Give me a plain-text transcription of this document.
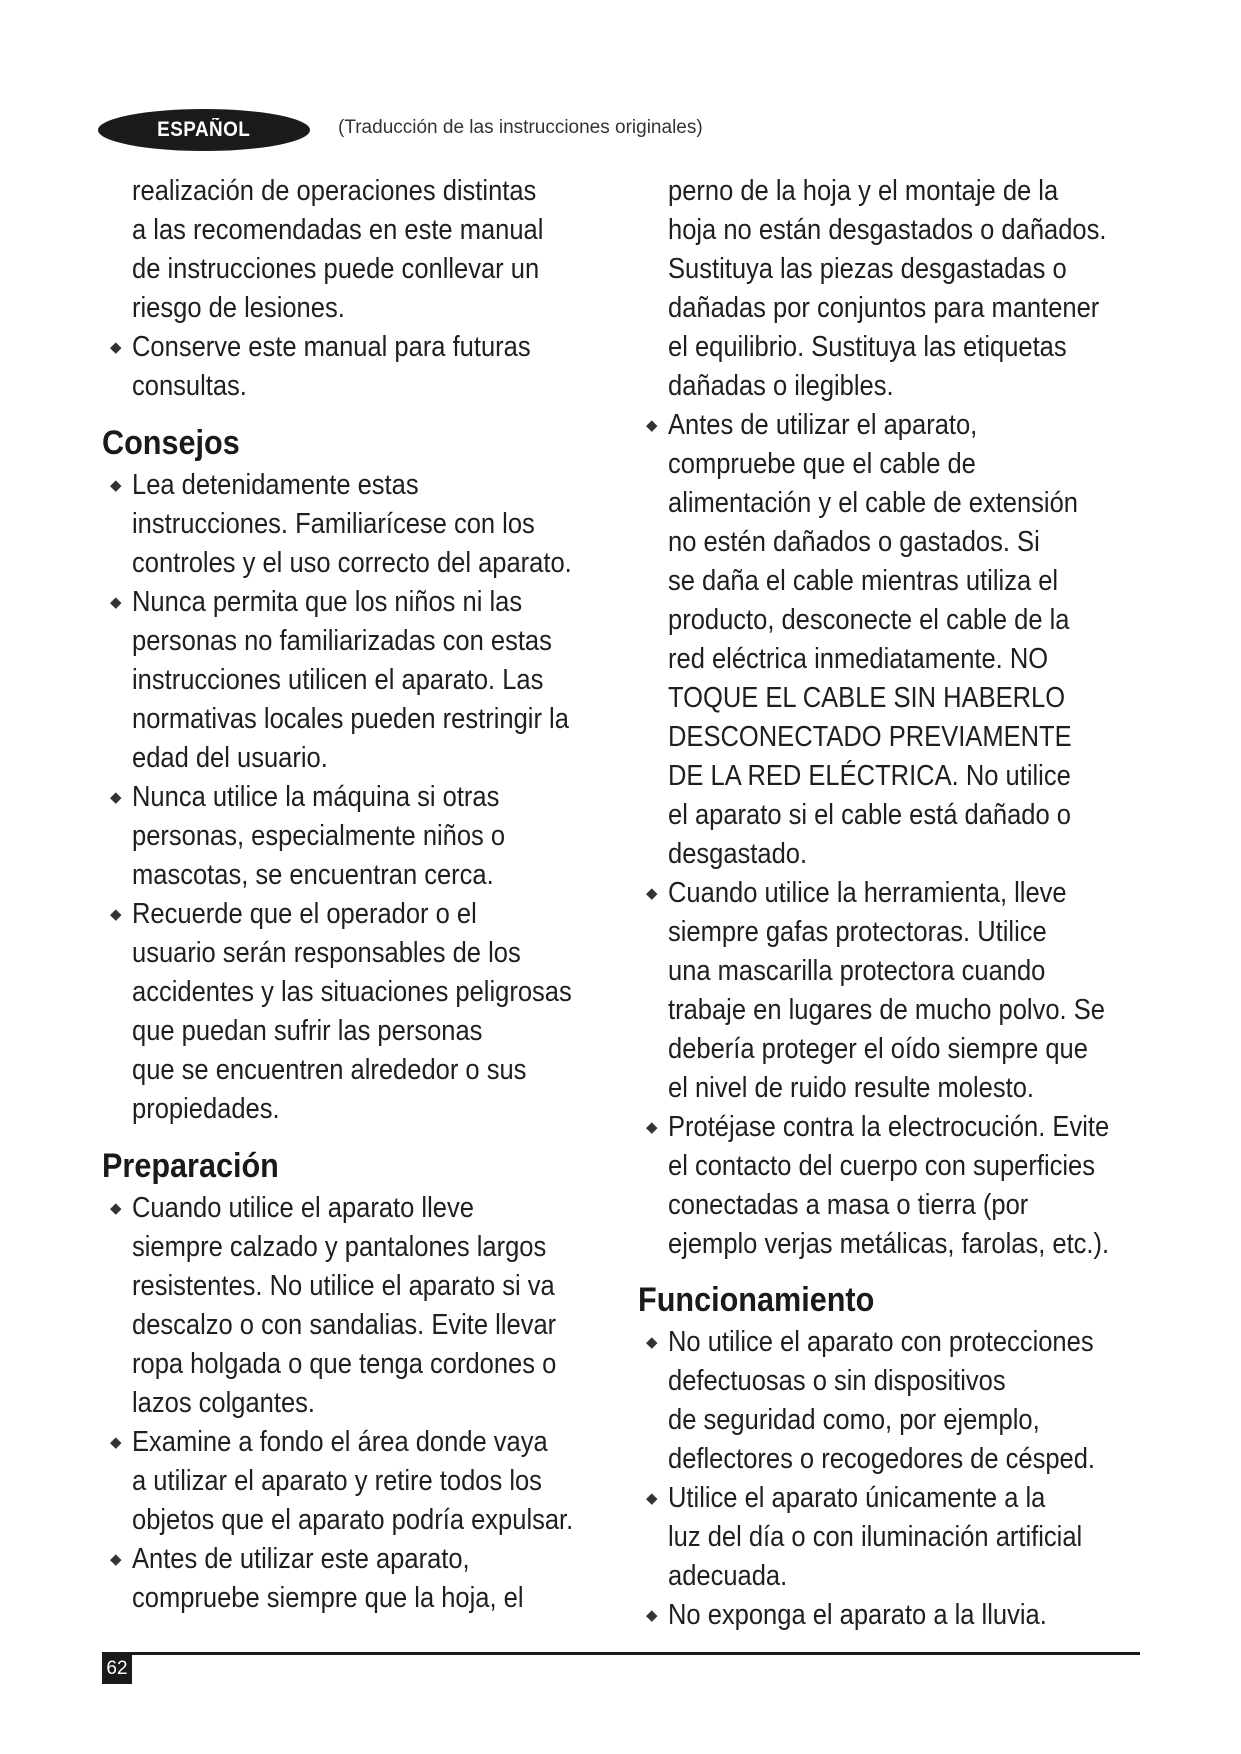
ESPAÑOL	(Traducción de las instrucciones originales)
realización de operaciones distintas
a las recomendadas en este manual
de instrucciones puede conllevar un
riesgo de lesiones.
◆ Conserve este manual para futuras
consultas.
Consejos
◆ Lea detenidamente estas
instrucciones. Familiarícese con los
controles y el uso correcto del aparato.
◆ Nunca permita que los niños ni las
personas no familiarizadas con estas
instrucciones utilicen el aparato. Las
normativas locales pueden restringir la
edad del usuario.
◆ Nunca utilice la máquina si otras
personas, especialmente niños o
mascotas, se encuentran cerca.
◆ Recuerde que el operador o el
usuario serán responsables de los
accidentes y las situaciones peligrosas
que puedan sufrir las personas
que se encuentren alrededor o sus
propiedades.
Preparación
◆ Cuando utilice el aparato lleve
siempre calzado y pantalones largos
resistentes. No utilice el aparato si va
descalzo o con sandalias. Evite llevar
ropa holgada o que tenga cordones o
lazos colgantes.
◆ Examine a fondo el área donde vaya
a utilizar el aparato y retire todos los
objetos que el aparato podría expulsar.
◆ Antes de utilizar este aparato,
compruebe siempre que la hoja, el
perno de la hoja y el montaje de la
hoja no están desgastados o dañados.
Sustituya las piezas desgastadas o
dañadas por conjuntos para mantener
el equilibrio. Sustituya las etiquetas
dañadas o ilegibles.
◆ Antes de utilizar el aparato,
compruebe que el cable de
alimentación y el cable de extensión
no estén dañados o gastados. Si
se daña el cable mientras utiliza el
producto, desconecte el cable de la
red eléctrica inmediatamente. NO
TOQUE EL CABLE SIN HABERLO
DESCONECTADO PREVIAMENTE
DE LA RED ELÉCTRICA. No utilice
el aparato si el cable está dañado o
desgastado.
◆ Cuando utilice la herramienta, lleve
siempre gafas protectoras. Utilice
una mascarilla protectora cuando
trabaje en lugares de mucho polvo. Se
debería proteger el oído siempre que
el nivel de ruido resulte molesto.
◆ Protéjase contra la electrocución. Evite
el contacto del cuerpo con superficies
conectadas a masa o tierra (por
ejemplo verjas metálicas, farolas, etc.).
Funcionamiento
◆ No utilice el aparato con protecciones
defectuosas o sin dispositivos
de seguridad como, por ejemplo,
deflectores o recogedores de césped.
◆ Utilice el aparato únicamente a la
luz del día o con iluminación artificial
adecuada.
◆ No exponga el aparato a la lluvia.
62
